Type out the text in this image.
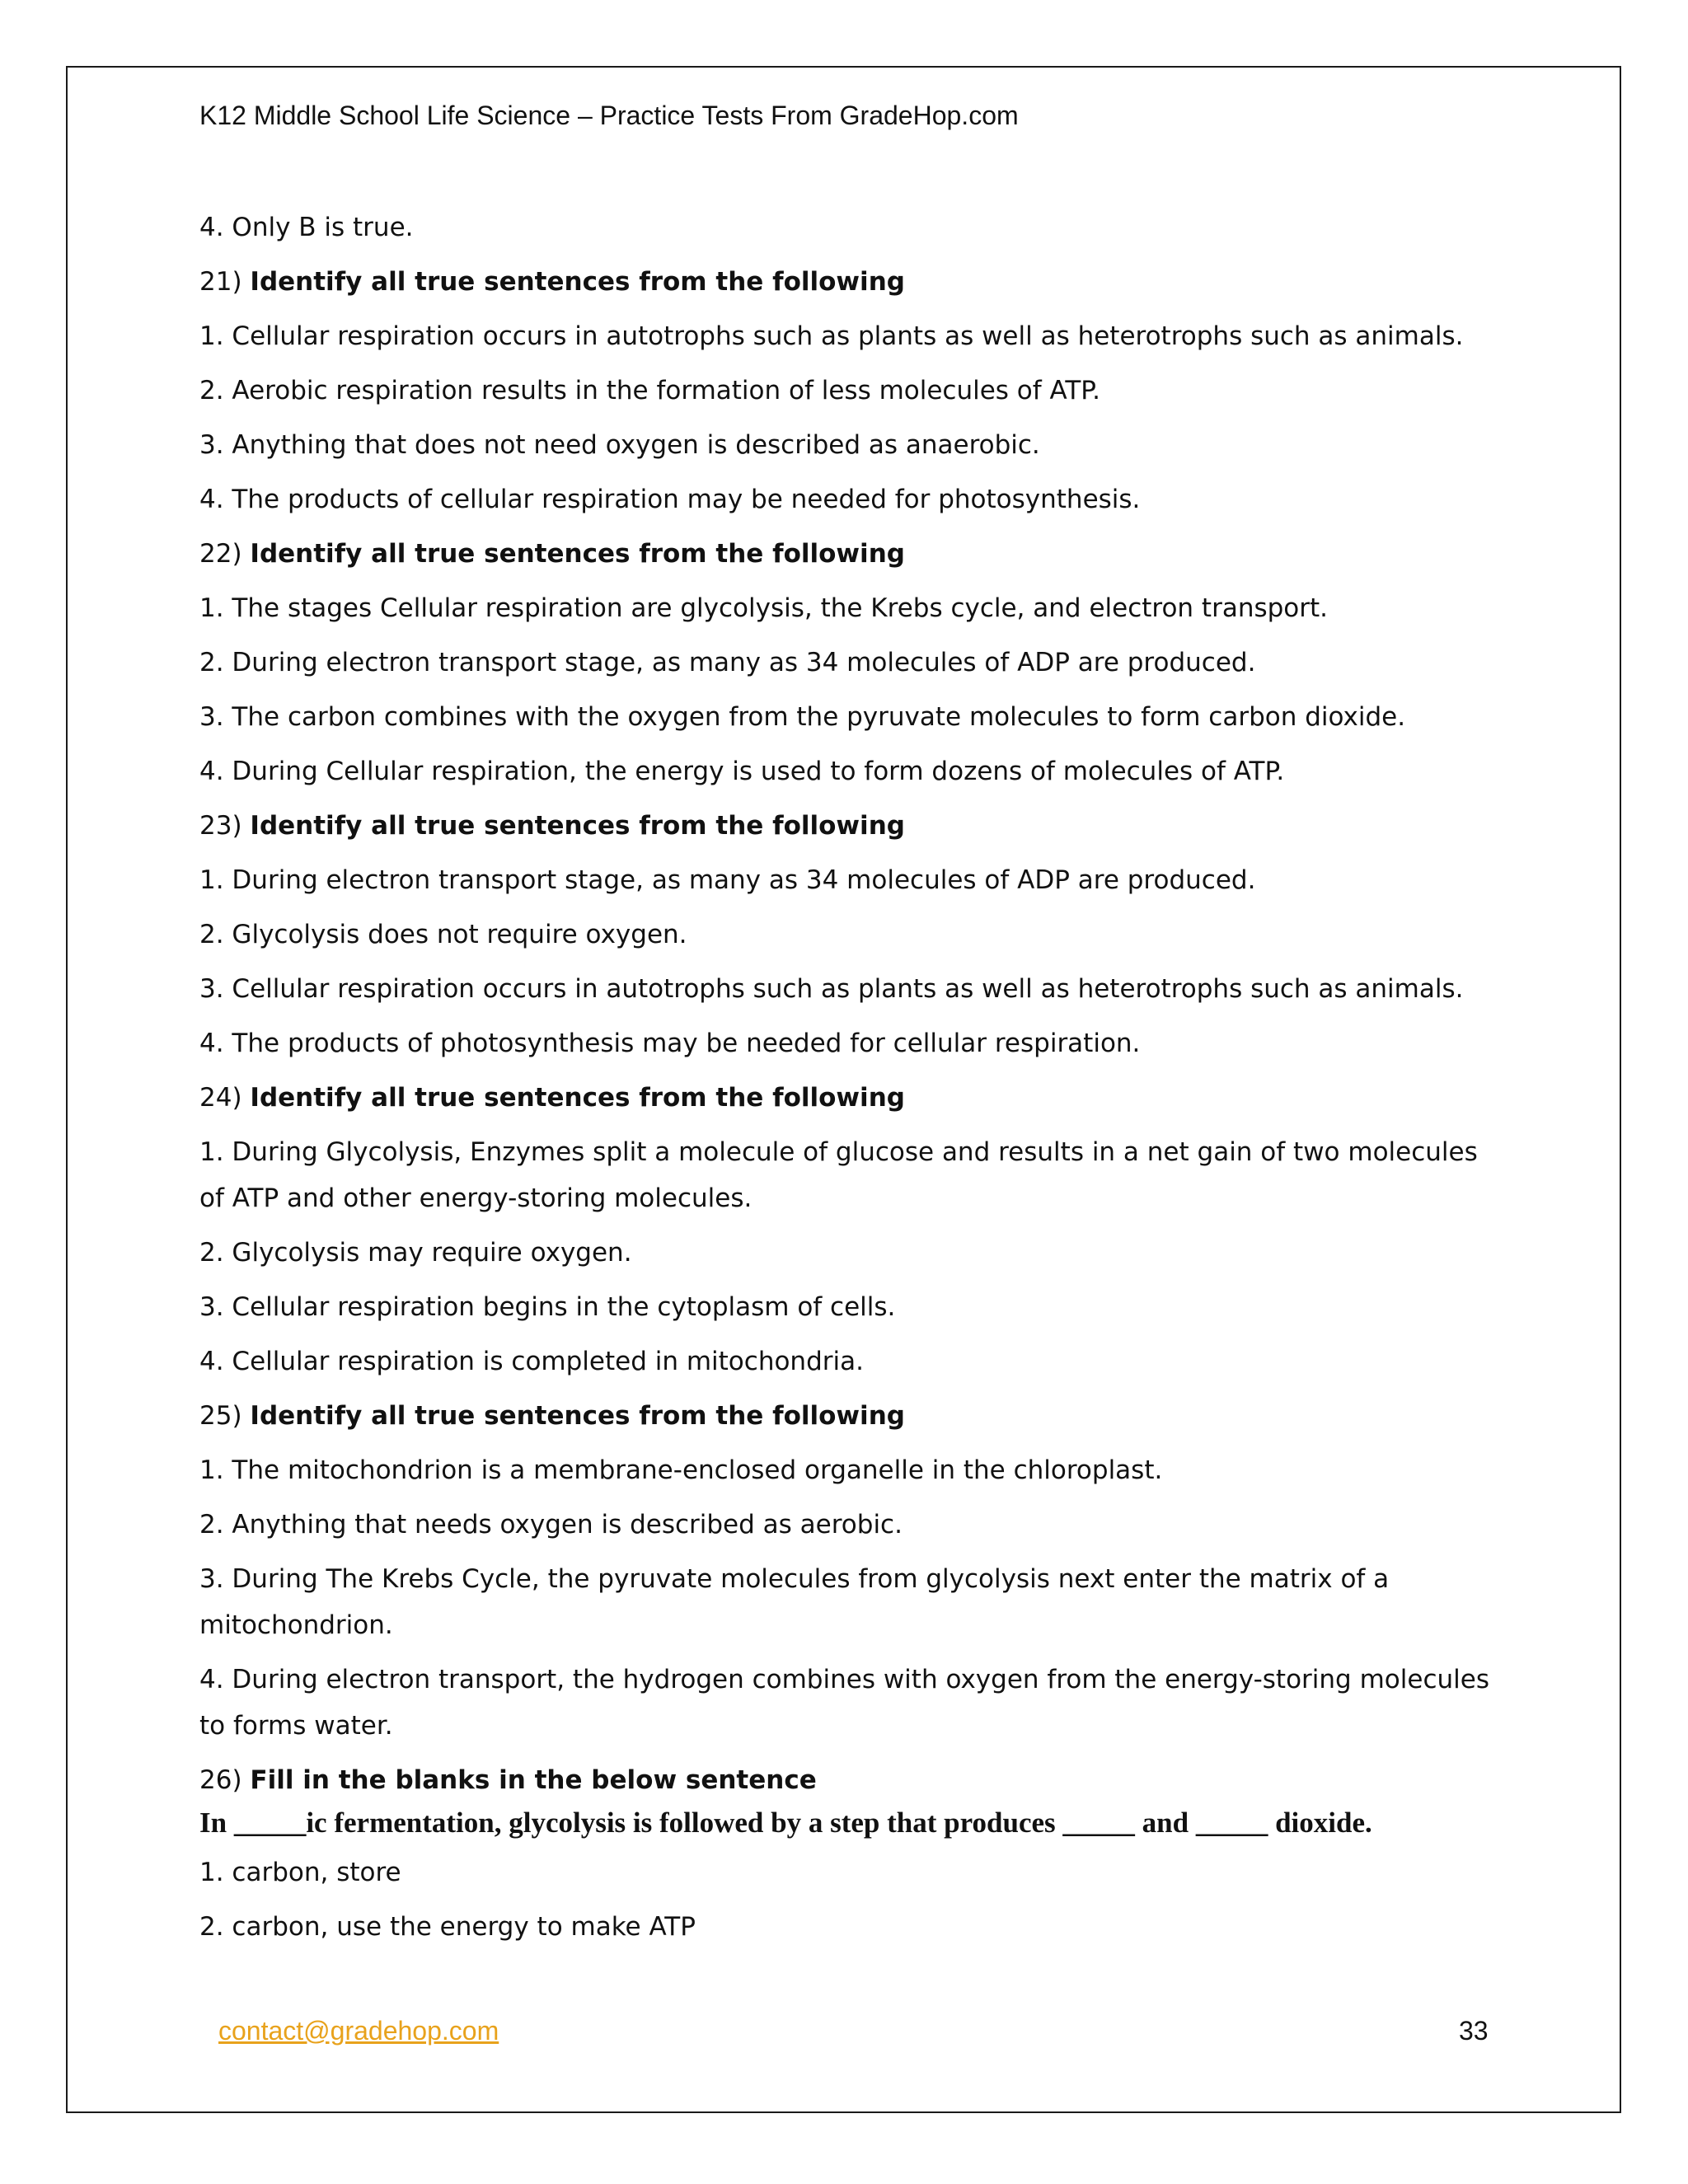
K12 Middle School Life Science – Practice Tests From GradeHop.com
4. Only B is true.
21) Identify all true sentences from the following
1. Cellular respiration occurs in autotrophs such as plants as well as heterotrophs such as animals.
2. Aerobic respiration results in the formation of less molecules of ATP.
3. Anything that does not need oxygen is described as anaerobic.
4. The products of cellular respiration may be needed for photosynthesis.
22) Identify all true sentences from the following
1. The stages Cellular respiration are glycolysis, the Krebs cycle, and electron transport.
2. During electron transport stage, as many as 34 molecules of ADP are produced.
3. The carbon combines with the oxygen from the pyruvate molecules to form carbon dioxide.
4. During Cellular respiration, the energy is used to form dozens of molecules of ATP.
23) Identify all true sentences from the following
1. During electron transport stage, as many as 34 molecules of ADP are produced.
2. Glycolysis does not require oxygen.
3. Cellular respiration occurs in autotrophs such as plants as well as heterotrophs such as animals.
4. The products of photosynthesis may be needed for cellular respiration.
24) Identify all true sentences from the following
1. During Glycolysis, Enzymes split a molecule of glucose and results in a net gain of two molecules of ATP and other energy-storing molecules.
2. Glycolysis may require oxygen.
3. Cellular respiration begins in the cytoplasm of cells.
4. Cellular respiration is completed in mitochondria.
25) Identify all true sentences from the following
1. The mitochondrion is a membrane-enclosed organelle in the chloroplast.
2. Anything that needs oxygen is described as aerobic.
3. During The Krebs Cycle, the pyruvate molecules from glycolysis next enter the matrix of a mitochondrion.
4. During electron transport, the hydrogen combines with oxygen from the energy-storing molecules to forms water.
26) Fill in the blanks in the below sentence
In _____ic fermentation, glycolysis is followed by a step that produces _____ and _____ dioxide.
1. carbon, store
2. carbon, use the energy to make ATP
contact@gradehop.com	33
